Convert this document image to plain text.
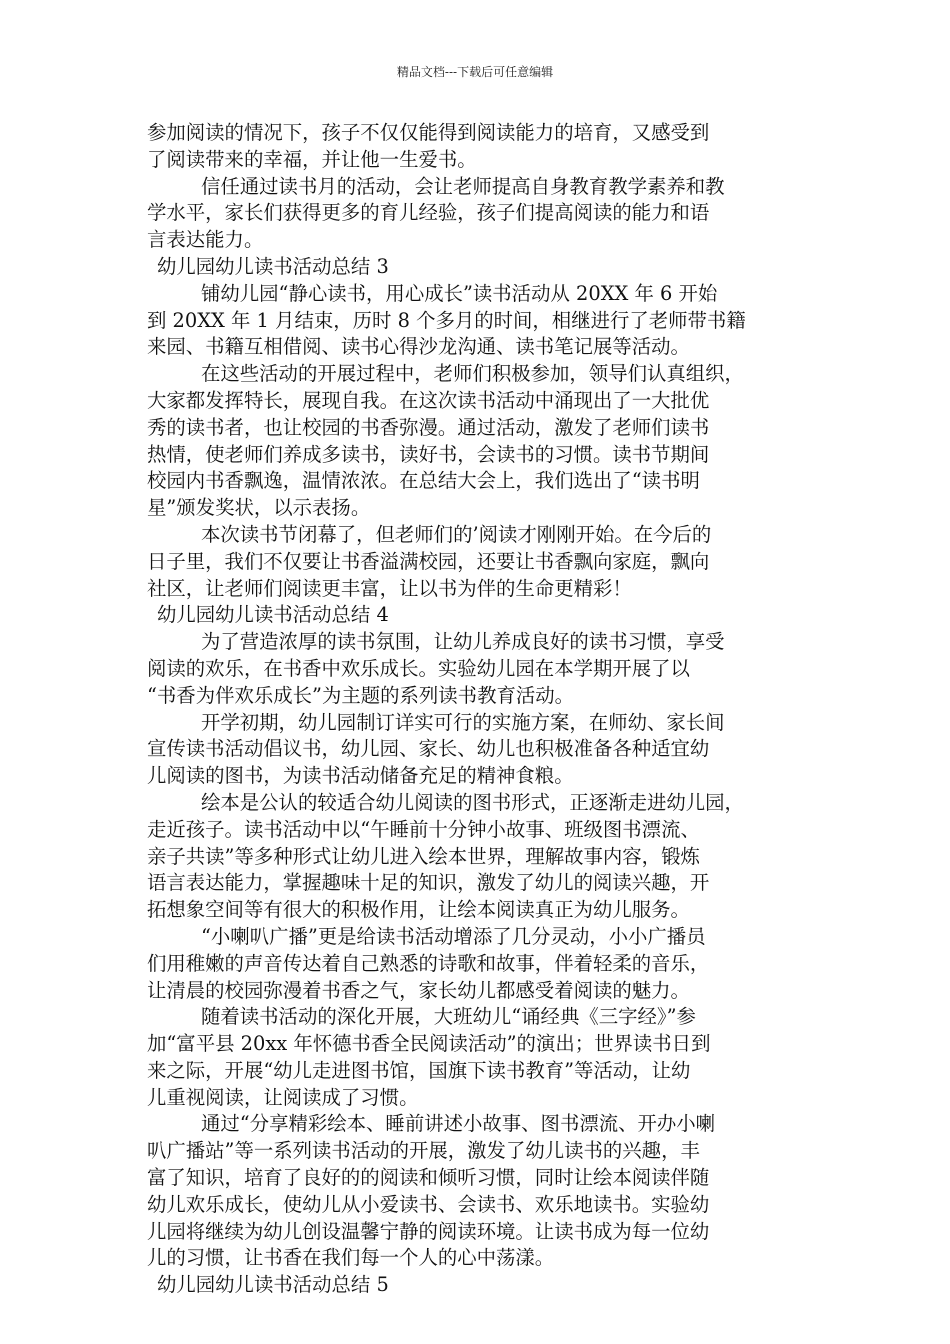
精品文档---下载后可任意编辑
参加阅读的情况下，孩子不仅仅能得到阅读能力的培育，又感受到
了阅读带来的幸福，并让他一生爱书。
信任通过读书月的活动，会让老师提高自身教育教学素养和教
学水平，家长们获得更多的育儿经验，孩子们提高阅读的能力和语
言表达能力。
幼儿园幼儿读书活动总结 3
铺幼儿园“静心读书，用心成长”读书活动从 20XX 年 6 开始
到 20XX 年 1 月结束，历时 8 个多月的时间，相继进行了老师带书籍
来园、书籍互相借阅、读书心得沙龙沟通、读书笔记展等活动。
在这些活动的开展过程中，老师们积极参加，领导们认真组织，
大家都发挥特长，展现自我。在这次读书活动中涌现出了一大批优
秀的读书者，也让校园的书香弥漫。通过活动，激发了老师们读书
热情，使老师们养成多读书，读好书，会读书的习惯。读书节期间
校园内书香飘逸，温情浓浓。在总结大会上，我们选出了“读书明
星”颁发奖状，以示表扬。
本次读书节闭幕了，但老师们的’阅读才刚刚开始。在今后的
日子里，我们不仅要让书香溢满校园，还要让书香飘向家庭，飘向
社区，让老师们阅读更丰富，让以书为伴的生命更精彩！
幼儿园幼儿读书活动总结 4
为了营造浓厚的读书氛围，让幼儿养成良好的读书习惯，享受
阅读的欢乐，在书香中欢乐成长。实验幼儿园在本学期开展了以
“书香为伴欢乐成长”为主题的系列读书教育活动。
开学初期，幼儿园制订详实可行的实施方案，在师幼、家长间
宣传读书活动倡议书，幼儿园、家长、幼儿也积极准备各种适宜幼
儿阅读的图书，为读书活动储备充足的精神食粮。
绘本是公认的较适合幼儿阅读的图书形式，正逐渐走进幼儿园，
走近孩子。读书活动中以“午睡前十分钟小故事、班级图书漂流、
亲子共读”等多种形式让幼儿进入绘本世界，理解故事内容，锻炼
语言表达能力，掌握趣味十足的知识，激发了幼儿的阅读兴趣，开
拓想象空间等有很大的积极作用，让绘本阅读真正为幼儿服务。
“小喇叭广播”更是给读书活动增添了几分灵动，小小广播员
们用稚嫩的声音传达着自己熟悉的诗歌和故事，伴着轻柔的音乐，
让清晨的校园弥漫着书香之气，家长幼儿都感受着阅读的魅力。
随着读书活动的深化开展，大班幼儿“诵经典《三字经》”参
加“富平县 20xx 年怀德书香全民阅读活动”的演出；世界读书日到
来之际，开展“幼儿走进图书馆，国旗下读书教育”等活动，让幼
儿重视阅读，让阅读成了习惯。
通过“分享精彩绘本、睡前讲述小故事、图书漂流、开办小喇
叭广播站”等一系列读书活动的开展，激发了幼儿读书的兴趣，丰
富了知识，培育了良好的的阅读和倾听习惯，同时让绘本阅读伴随
幼儿欢乐成长，使幼儿从小爱读书、会读书、欢乐地读书。实验幼
儿园将继续为幼儿创设温馨宁静的阅读环境。让读书成为每一位幼
儿的习惯，让书香在我们每一个人的心中荡漾。
幼儿园幼儿读书活动总结 5
